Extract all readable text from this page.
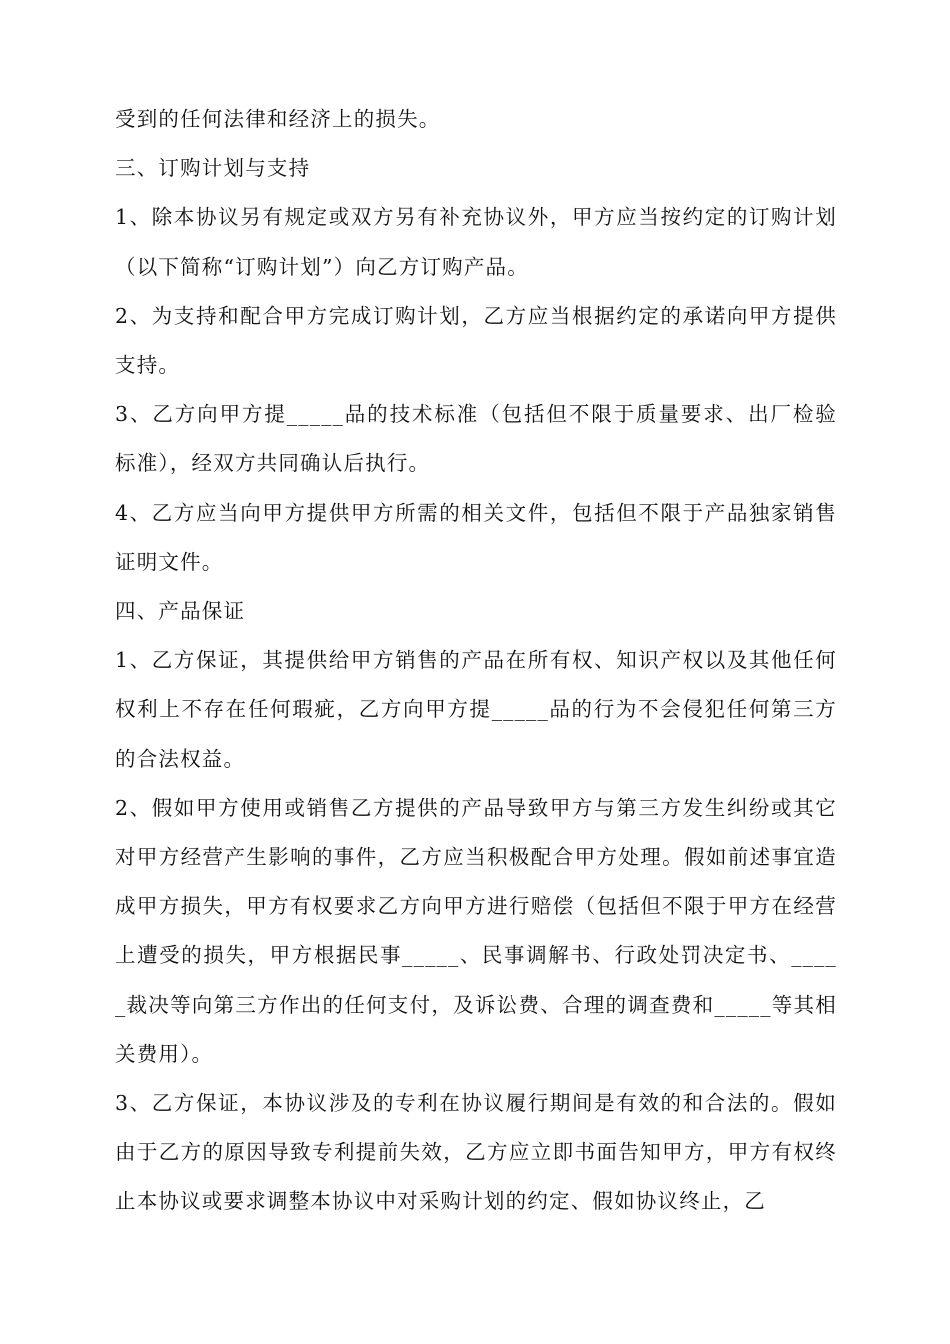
受到的任何法律和经济上的损失。

三、订购计划与支持

1、除本协议另有规定或双方另有补充协议外，甲方应当按约定的订购计划（以下简称“订购计划”）向乙方订购产品。

2、为支持和配合甲方完成订购计划，乙方应当根据约定的承诺向甲方提供支持。

3、乙方向甲方提_____品的技术标准（包括但不限于质量要求、出厂检验标准），经双方共同确认后执行。

4、乙方应当向甲方提供甲方所需的相关文件，包括但不限于产品独家销售证明文件。

四、产品保证

1、乙方保证，其提供给甲方销售的产品在所有权、知识产权以及其他任何权利上不存在任何瑕疵，乙方向甲方提_____品的行为不会侵犯任何第三方的合法权益。

2、假如甲方使用或销售乙方提供的产品导致甲方与第三方发生纠纷或其它对甲方经营产生影响的事件，乙方应当积极配合甲方处理。假如前述事宜造成甲方损失，甲方有权要求乙方向甲方进行赔偿（包括但不限于甲方在经营上遭受的损失，甲方根据民事_____、民事调解书、行政处罚决定书、_____裁决等向第三方作出的任何支付，及诉讼费、合理的调查费和_____等其相关费用）。

3、乙方保证，本协议涉及的专利在协议履行期间是有效的和合法的。假如由于乙方的原因导致专利提前失效，乙方应立即书面告知甲方，甲方有权终止本协议或要求调整本协议中对采购计划的约定、假如协议终止，乙
